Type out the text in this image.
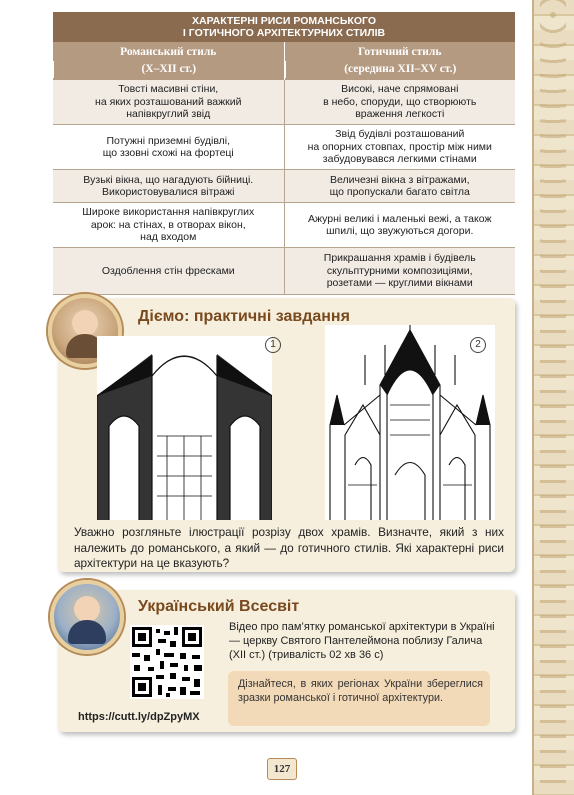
ХАРАКТЕРНІ РИСИ РОМАНСЬКОГО
І ГОТИЧНОГО АРХІТЕКТУРНИХ СТИЛІВ
Романський стиль
(X–XII ст.)
Готичний стиль
(середина XII–XV ст.)
Товсті масивні стіни,
на яких розташований важкий
напівкруглий звід
Високі, наче спрямовані
в небо, споруди, що створюють
враження легкості
Потужні приземні будівлі,
що ззовні схожі на фортеці
Звід будівлі розташований
на опорних стовпах, простір між ними
забудовувався легкими стінами
Вузькі вікна, що нагадують бійниці.
Використовувалися вітражі
Величезні вікна з вітражами,
що пропускали багато світла
Широке використання напівкруглих
арок: на стінах, в отворах вікон,
над входом
Ажурні великі і маленькі вежі, а також
шпилі, що звужуються догори.
Оздоблення стін фресками
Прикрашання храмів і будівель
скульптурними композиціями,
розетами — круглими вікнами
Діємо: практичні завдання
1	2
Уважно розгляньте ілюстрації розрізу двох храмів. Визначте, який з них належить до романського, а який — до готичного стилів. Які характерні риси архітектури на це вказують?
Український Всесвіт
https://cutt.ly/dpZpyMX
Відео про пам’ятку романської архітектури в Україні — церкву Святого Пантелеймона поблизу Галича (XII ст.) (тривалість 02 хв 36 с)
Дізнайтеся, в яких регіонах України збереглися зразки романської і готичної архітектури.
127
